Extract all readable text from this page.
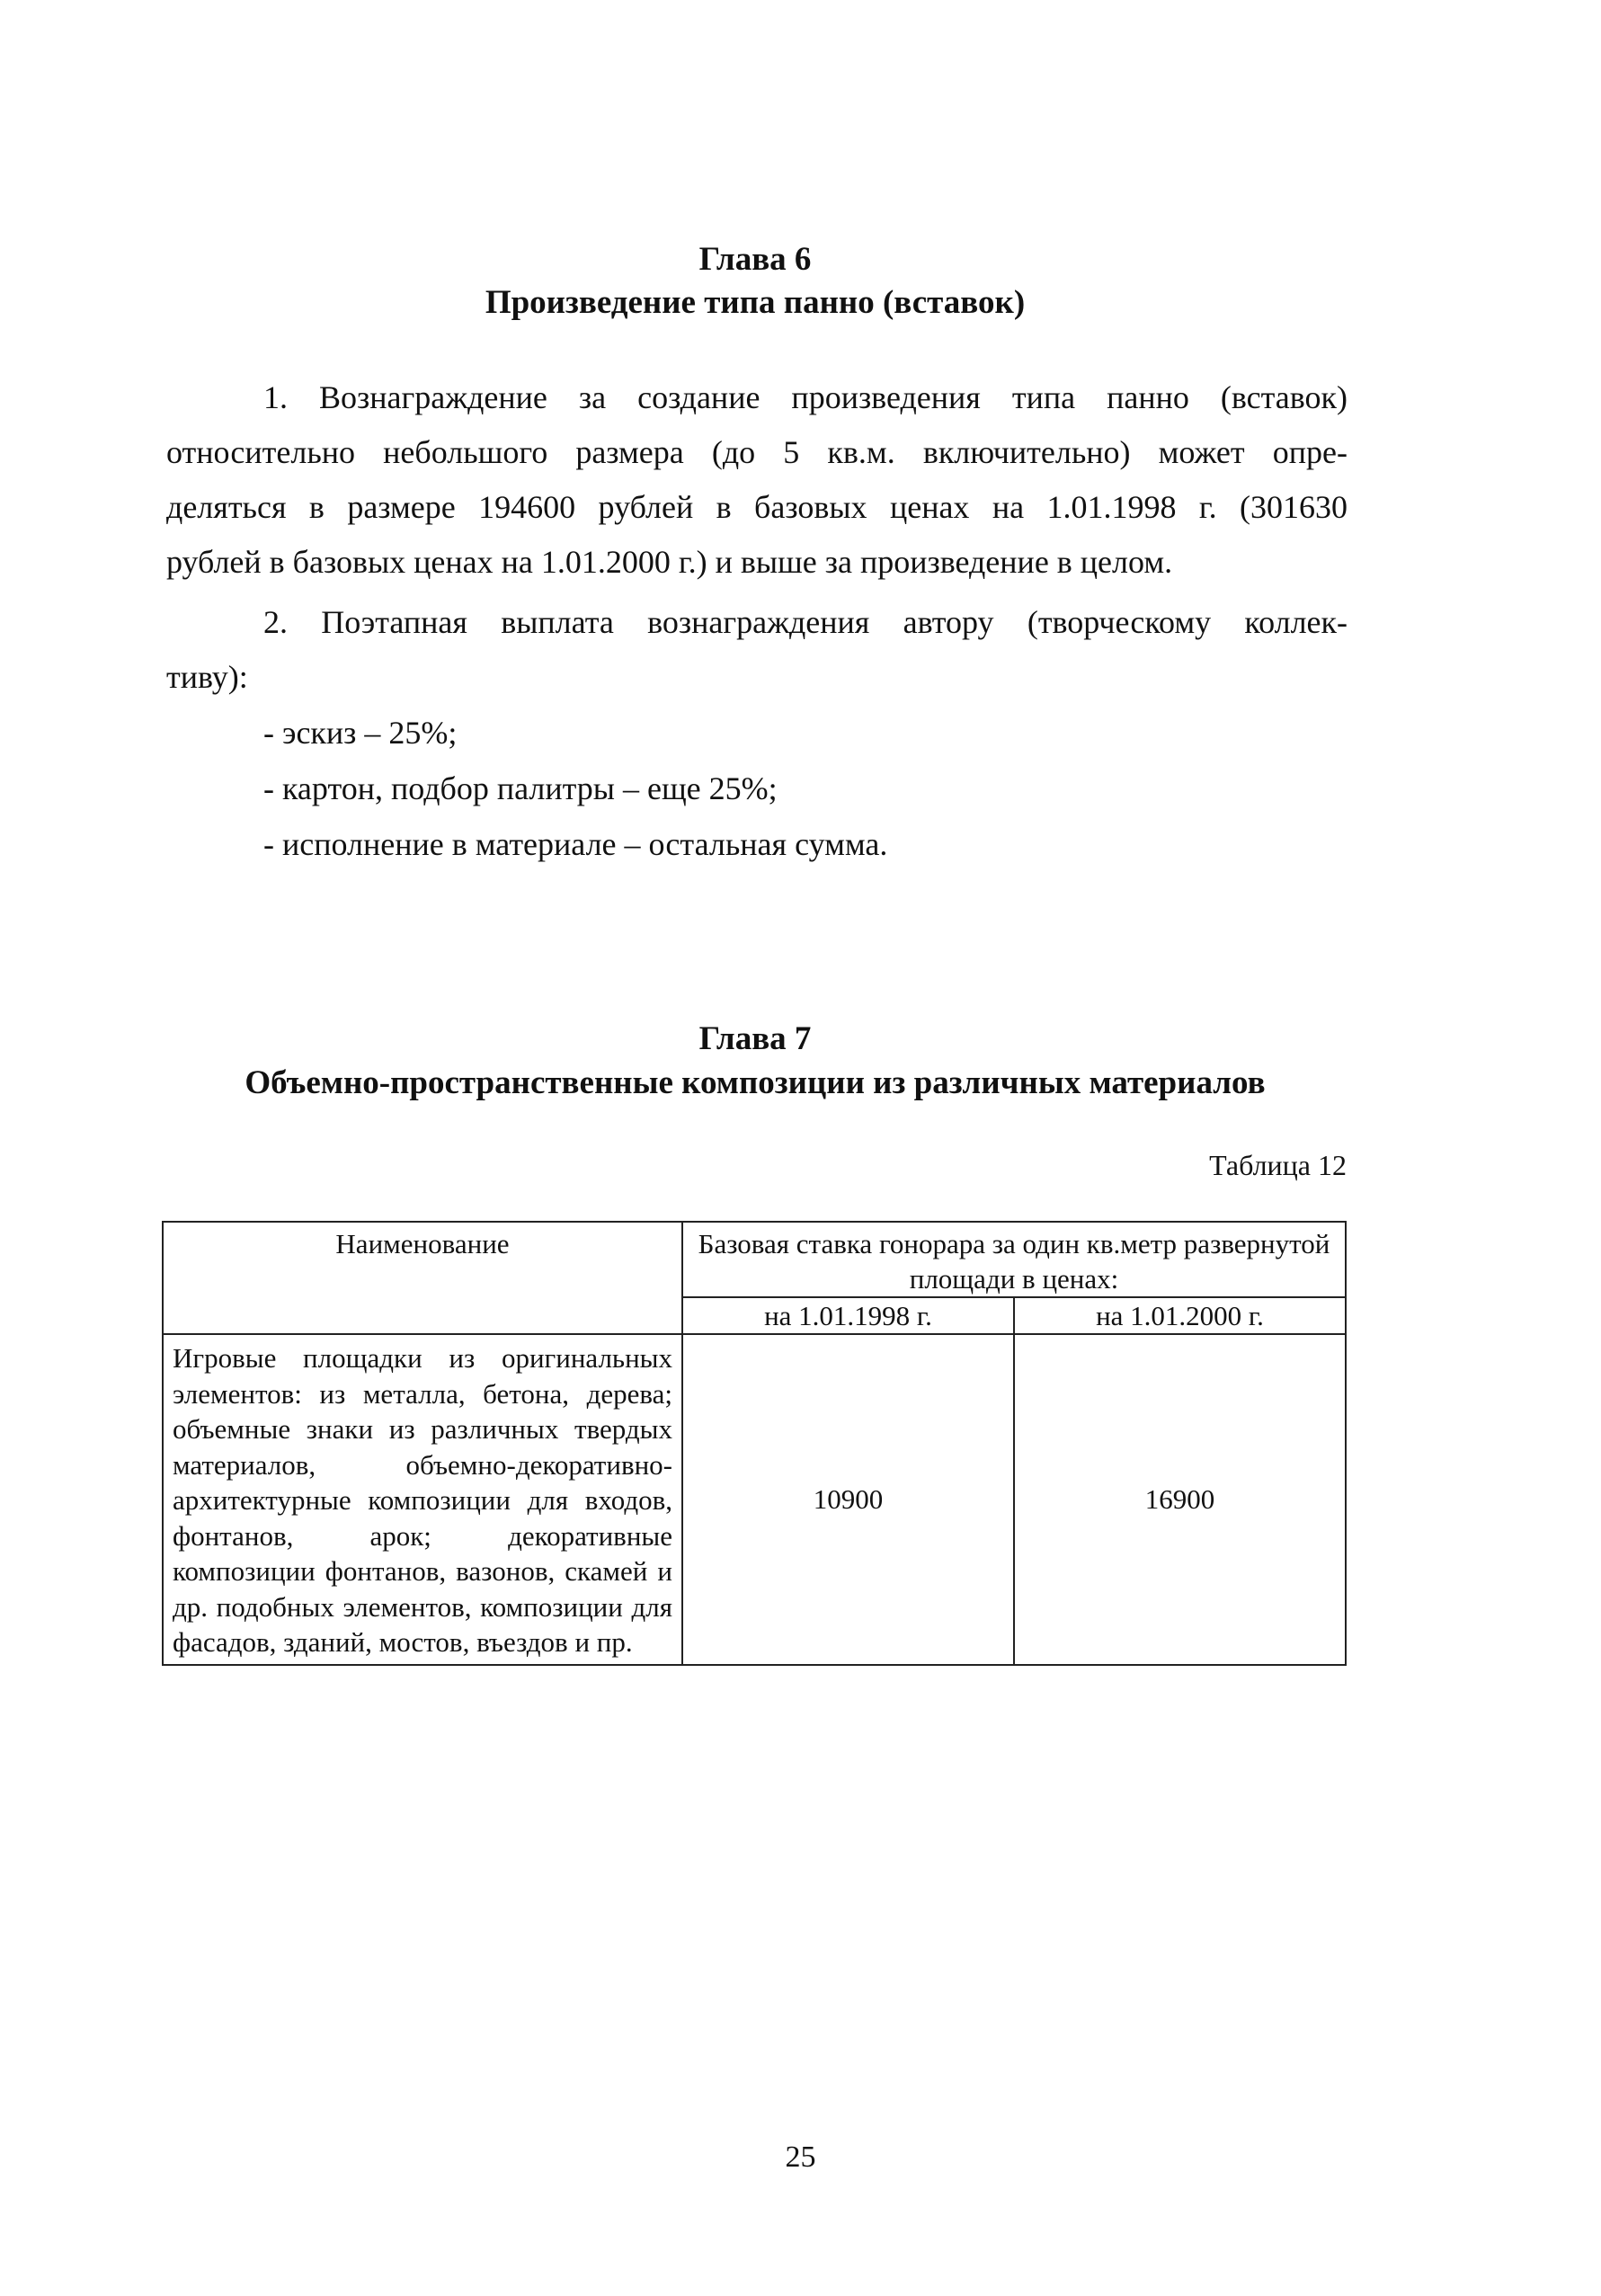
Глава 6
Произведение типа панно (вставок)
1. Вознаграждение за создание произведения типа панно (вставок)
относительно небольшого размера (до 5 кв.м. включительно) может опре-
деляться в размере 194600 рублей в базовых ценах на 1.01.1998 г. (301630
рублей в базовых ценах на 1.01.2000 г.) и выше за произведение в целом.
2. Поэтапная выплата вознаграждения автору (творческому коллек-
тиву):
- эскиз – 25%;
- картон, подбор палитры – еще 25%;
- исполнение в материале – остальная сумма.
Глава 7
Объемно-пространственные композиции из различных материалов
Таблица 12
Наименование	Базовая ставка гонорара за один кв.метр развернутой площади в ценах:	
	на 1.01.1998 г.	на 1.01.2000 г.
Игровые площадки из оригинальных элементов: из металла, бетона, дерева; объемные знаки из различных твердых материалов, объемно-декоративно-архитектурные композиции для входов, фонтанов, арок; декоративные композиции фонтанов, вазонов, скамей и др. подобных элементов, композиции для фасадов, зданий, мостов, въездов и пр.	10900	16900
25
